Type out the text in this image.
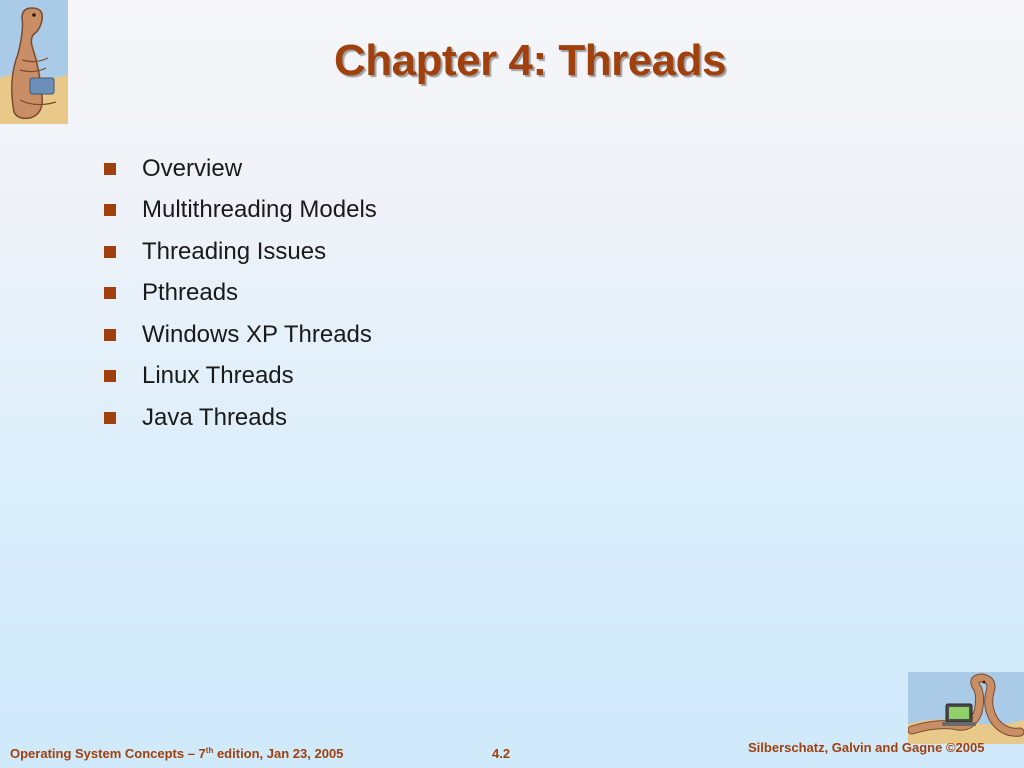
Chapter 4: Threads
Overview
Multithreading Models
Threading Issues
Pthreads
Windows XP Threads
Linux Threads
Java Threads
Operating System Concepts – 7th edition, Jan 23, 2005	4.2	Silberschatz, Galvin and Gagne ©2005
